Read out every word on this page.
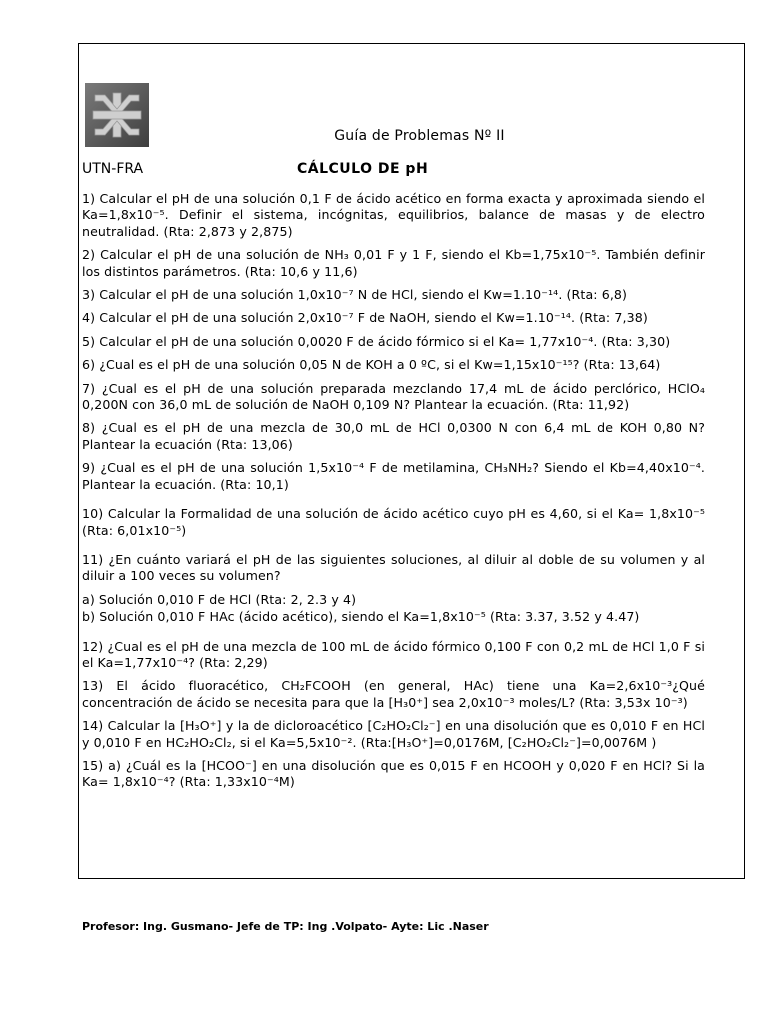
Guía de Problemas Nº II
UTN-FRA	CÁLCULO DE pH

1) Calcular el pH de una solución 0,1 F de ácido acético en forma exacta y aproximada siendo el Ka=1,8x10⁻⁵. Definir el sistema, incógnitas, equilibrios, balance de masas y de electro neutralidad. (Rta: 2,873 y 2,875)

2) Calcular el pH de una solución de NH₃ 0,01 F y 1 F, siendo el Kb=1,75x10⁻⁵. También definir los distintos parámetros. (Rta: 10,6 y 11,6)

3) Calcular el pH de una solución 1,0x10⁻⁷ N de HCl, siendo el Kw=1.10⁻¹⁴. (Rta: 6,8)

4) Calcular el pH de una solución 2,0x10⁻⁷ F de NaOH, siendo el Kw=1.10⁻¹⁴. (Rta: 7,38)

5) Calcular el pH de una solución 0,0020 F de ácido fórmico si el Ka= 1,77x10⁻⁴. (Rta: 3,30)

6) ¿Cual es el pH de una solución 0,05 N de KOH a 0 ºC, si el Kw=1,15x10⁻¹⁵? (Rta: 13,64)

7) ¿Cual es el pH de una solución preparada mezclando 17,4 mL de ácido perclórico, HClO₄ 0,200N con 36,0 mL de solución de NaOH 0,109 N? Plantear la ecuación. (Rta: 11,92)

8) ¿Cual es el pH de una mezcla de 30,0 mL de HCl 0,0300 N con 6,4 mL de KOH 0,80 N? Plantear la ecuación (Rta: 13,06)

9) ¿Cual es el pH de una solución 1,5x10⁻⁴ F de metilamina, CH₃NH₂? Siendo el Kb=4,40x10⁻⁴. Plantear la ecuación. (Rta: 10,1)

10) Calcular la Formalidad de una solución de ácido acético cuyo pH es 4,60, si el Ka= 1,8x10⁻⁵ (Rta: 6,01x10⁻⁵)

11) ¿En cuánto variará el pH de las siguientes soluciones, al diluir al doble de su volumen y al diluir a 100 veces su volumen?

a) Solución 0,010 F de HCl (Rta: 2, 2.3 y 4)

b) Solución 0,010 F HAc (ácido acético), siendo el Ka=1,8x10⁻⁵ (Rta: 3.37, 3.52 y 4.47)

12) ¿Cual es el pH de una mezcla de 100 mL de ácido fórmico 0,100 F con 0,2 mL de HCl 1,0 F si el Ka=1,77x10⁻⁴? (Rta: 2,29)

13) El ácido fluoracético, CH₂FCOOH (en general, HAc) tiene una Ka=2,6x10⁻³¿Qué concentración de ácido se necesita para que la [H₃0⁺] sea 2,0x10⁻³ moles/L? (Rta: 3,53x 10⁻³)

14) Calcular la [H₃O⁺] y la de dicloroacético [C₂HO₂Cl₂⁻] en una disolución que es 0,010 F en HCl y 0,010 F en HC₂HO₂Cl₂, si el Ka=5,5x10⁻². (Rta:[H₃O⁺]=0,0176M, [C₂HO₂Cl₂⁻]=0,0076M )

15) a) ¿Cuál es la [HCOO⁻] en una disolución que es 0,015 F en HCOOH y 0,020 F en HCl? Si la Ka= 1,8x10⁻⁴? (Rta: 1,33x10⁻⁴M)

Profesor: Ing. Gusmano- Jefe de TP: Ing .Volpato- Ayte: Lic .Naser
